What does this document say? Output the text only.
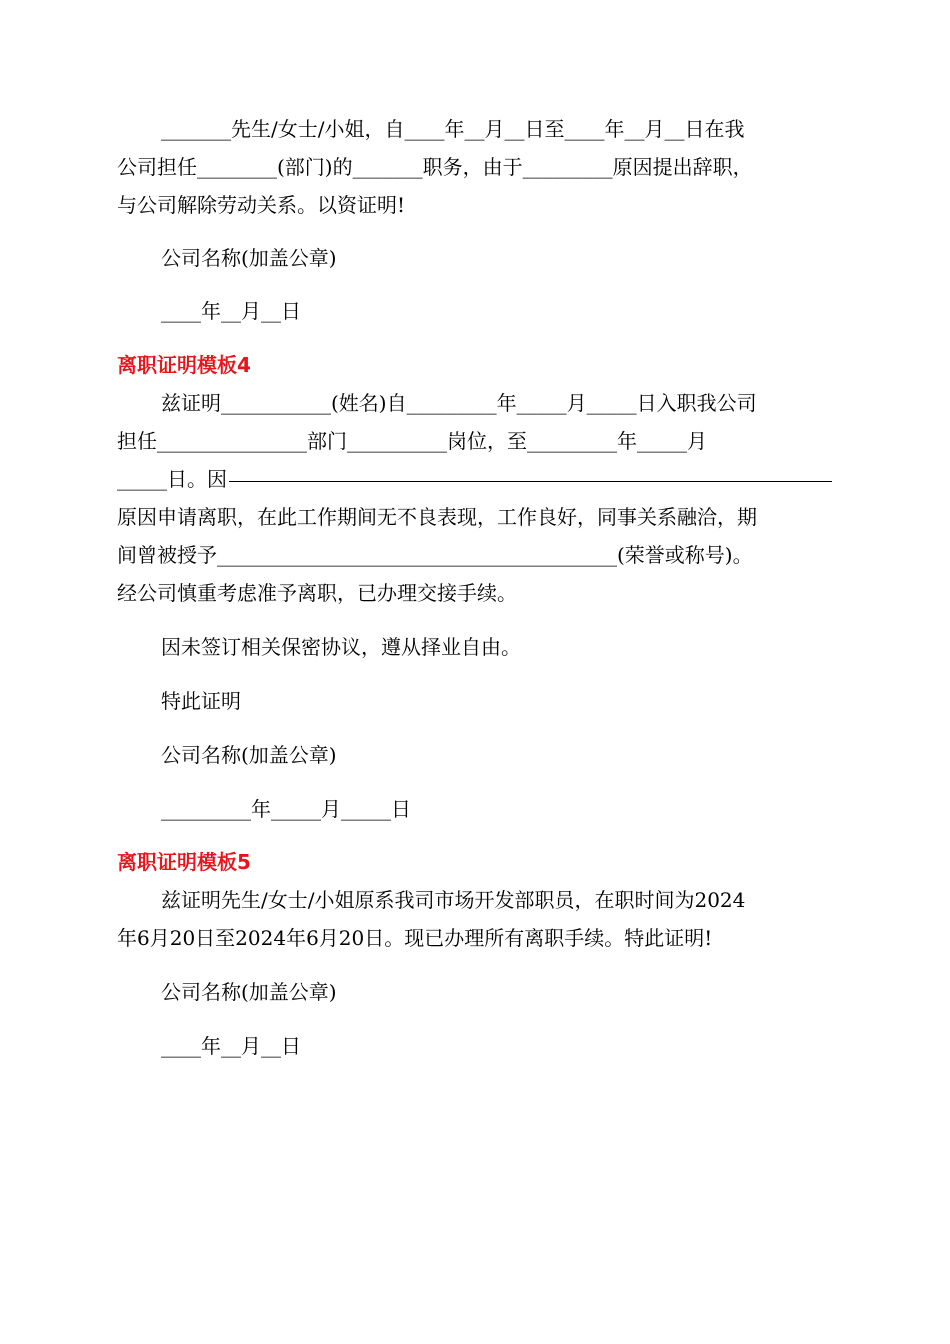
_______先生/女士/小姐，自____年__月__日至____年__月__日在我
公司担任________(部门)的_______职务，由于_________原因提出辞职，
与公司解除劳动关系。以资证明!

公司名称(加盖公章)

____年__月__日

离职证明模板4
兹证明___________(姓名)自_________年_____月_____日入职我公司
担任_______________部门__________岗位，至_________年_____月
_____日。因
原因申请离职，在此工作期间无不良表现，工作良好，同事关系融洽，期
间曾被授予________________________________________(荣誉或称号)。
经公司慎重考虑准予离职，已办理交接手续。

因未签订相关保密协议，遵从择业自由。

特此证明

公司名称(加盖公章)

_________年_____月_____日

离职证明模板5
兹证明先生/女士/小姐原系我司市场开发部职员，在职时间为2024
年6月20日至2024年6月20日。现已办理所有离职手续。特此证明!

公司名称(加盖公章)

____年__月__日
